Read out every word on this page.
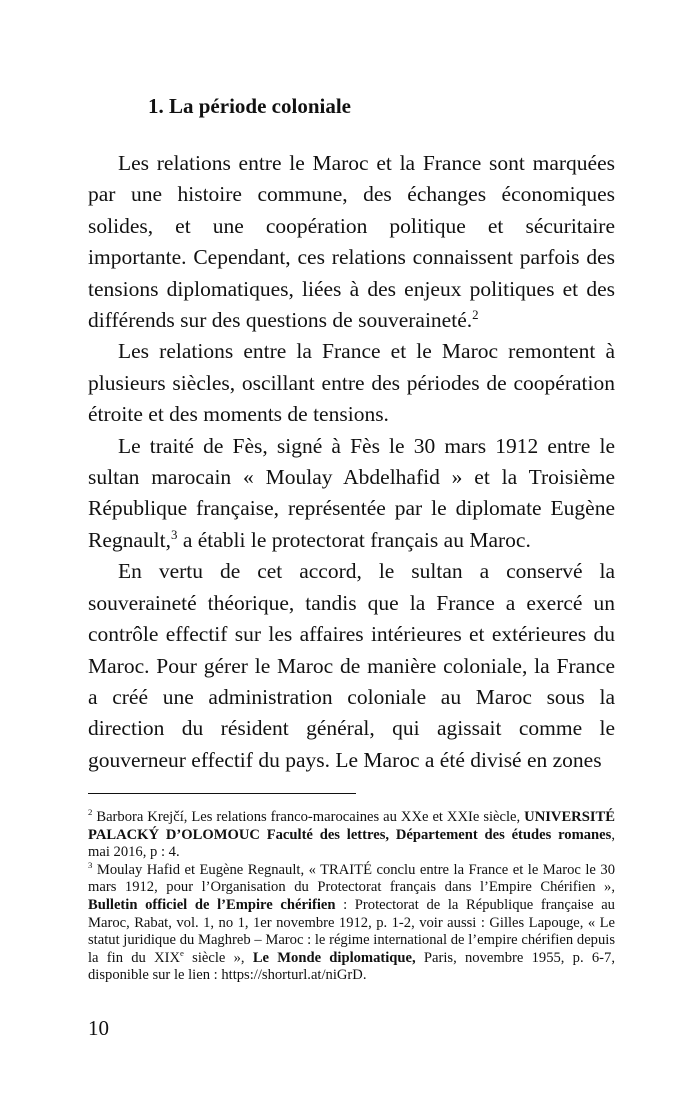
1. La période coloniale

Les relations entre le Maroc et la France sont marquées par une histoire commune, des échanges économiques solides, et une coopération politique et sécuritaire importante. Cependant, ces relations connaissent parfois des tensions diplomatiques, liées à des enjeux politiques et des différends sur des questions de souveraineté.$^2$

Les relations entre la France et le Maroc remontent à plusieurs siècles, oscillant entre des périodes de coopération étroite et des moments de tensions.

Le traité de Fès, signé à Fès le 30 mars 1912 entre le sultan marocain « Moulay Abdelhafid » et la Troisième République française, représentée par le diplomate Eugène Regnault,$^3$ a établi le protectorat français au Maroc.

En vertu de cet accord, le sultan a conservé la souveraineté théorique, tandis que la France a exercé un contrôle effectif sur les affaires intérieures et extérieures du Maroc. Pour gérer le Maroc de manière coloniale, la France a créé une administration coloniale au Maroc sous la direction du résident général, qui agissait comme le gouverneur effectif du pays. Le Maroc a été divisé en zones

$^2$ Barbora Krejčí, Les relations franco-marocaines au XXe et XXIe siècle, UNIVERSITÉ PALACKÝ D’OLOMOUC Faculté des lettres, Département des études romanes, mai 2016, p : 4.

$^3$ Moulay Hafid et Eugène Regnault, « TRAITÉ conclu entre la France et le Maroc le 30 mars 1912, pour l’Organisation du Protectorat français dans l’Empire Chérifien », Bulletin officiel de l’Empire chérifien : Protectorat de la République française au Maroc, Rabat, vol. 1, no 1, 1er novembre 1912, p. 1-2, voir aussi : Gilles Lapouge, « Le statut juridique du Maghreb – Maroc : le régime international de l’empire chérifien depuis la fin du XIXe siècle », Le Monde diplomatique, Paris, novembre 1955, p. 6-7, disponible sur le lien : https://shorturl.at/niGrD.

10
